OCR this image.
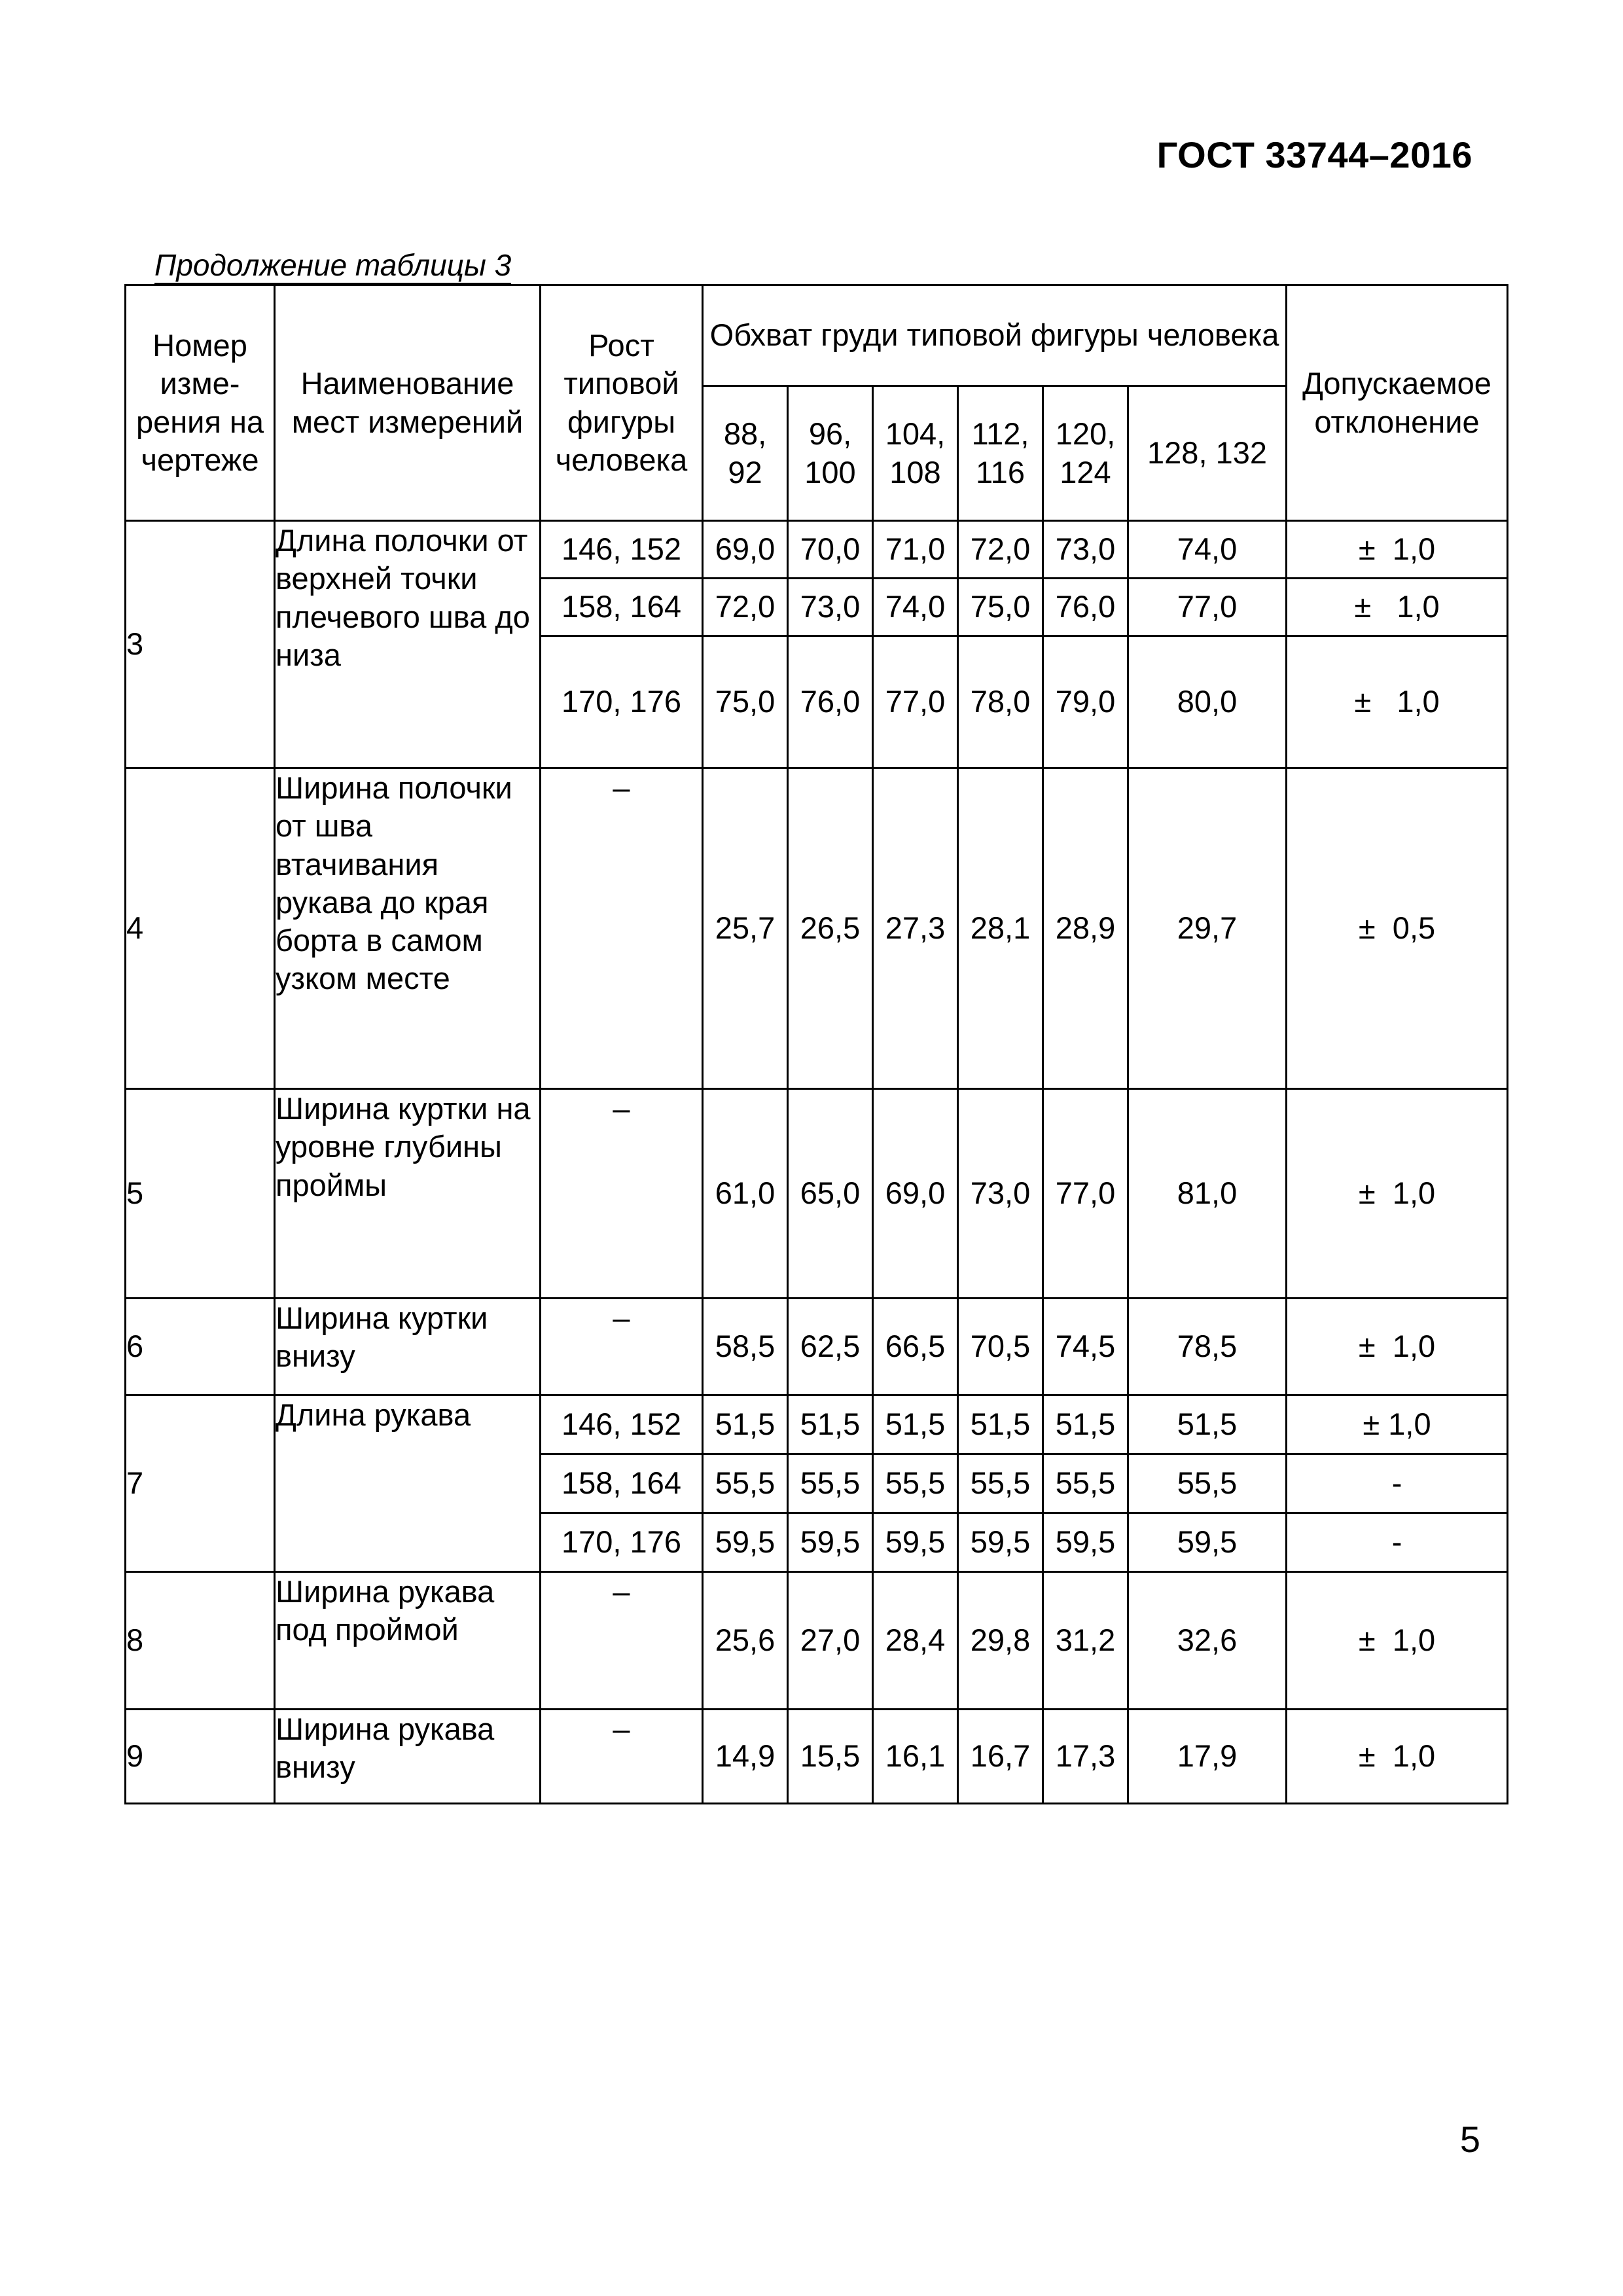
ГОСТ 33744–2016
Продолжение таблицы 3
Номер изме-рения на чертеже	Наименование мест измерений	Рост типовой фигуры человека	Обхват груди типовой фигуры человека						Допускаемое отклонение
			88, 92	96, 100	104, 108	112, 116	120, 124	128, 132	
3	Длина полочки от верхней точки плечевого шва до низа	146, 152	69,0	70,0	71,0	72,0	73,0	74,0	±  1,0
		158, 164	72,0	73,0	74,0	75,0	76,0	77,0	±   1,0
		170, 176	75,0	76,0	77,0	78,0	79,0	80,0	±   1,0
4	Ширина полочки от шва втачивания рукава до края борта в самом узком месте	–	25,7	26,5	27,3	28,1	28,9	29,7	±  0,5
5	Ширина куртки на уровне глубины проймы	–	61,0	65,0	69,0	73,0	77,0	81,0	±  1,0
6	Ширина куртки внизу	–	58,5	62,5	66,5	70,5	74,5	78,5	±  1,0
7	Длина рукава	146, 152	51,5	51,5	51,5	51,5	51,5	51,5	± 1,0
		158, 164	55,5	55,5	55,5	55,5	55,5	55,5	-
		170, 176	59,5	59,5	59,5	59,5	59,5	59,5	-
8	Ширина рукава под проймой	–	25,6	27,0	28,4	29,8	31,2	32,6	±  1,0
9	Ширина рукава внизу	–	14,9	15,5	16,1	16,7	17,3	17,9	±  1,0
5
